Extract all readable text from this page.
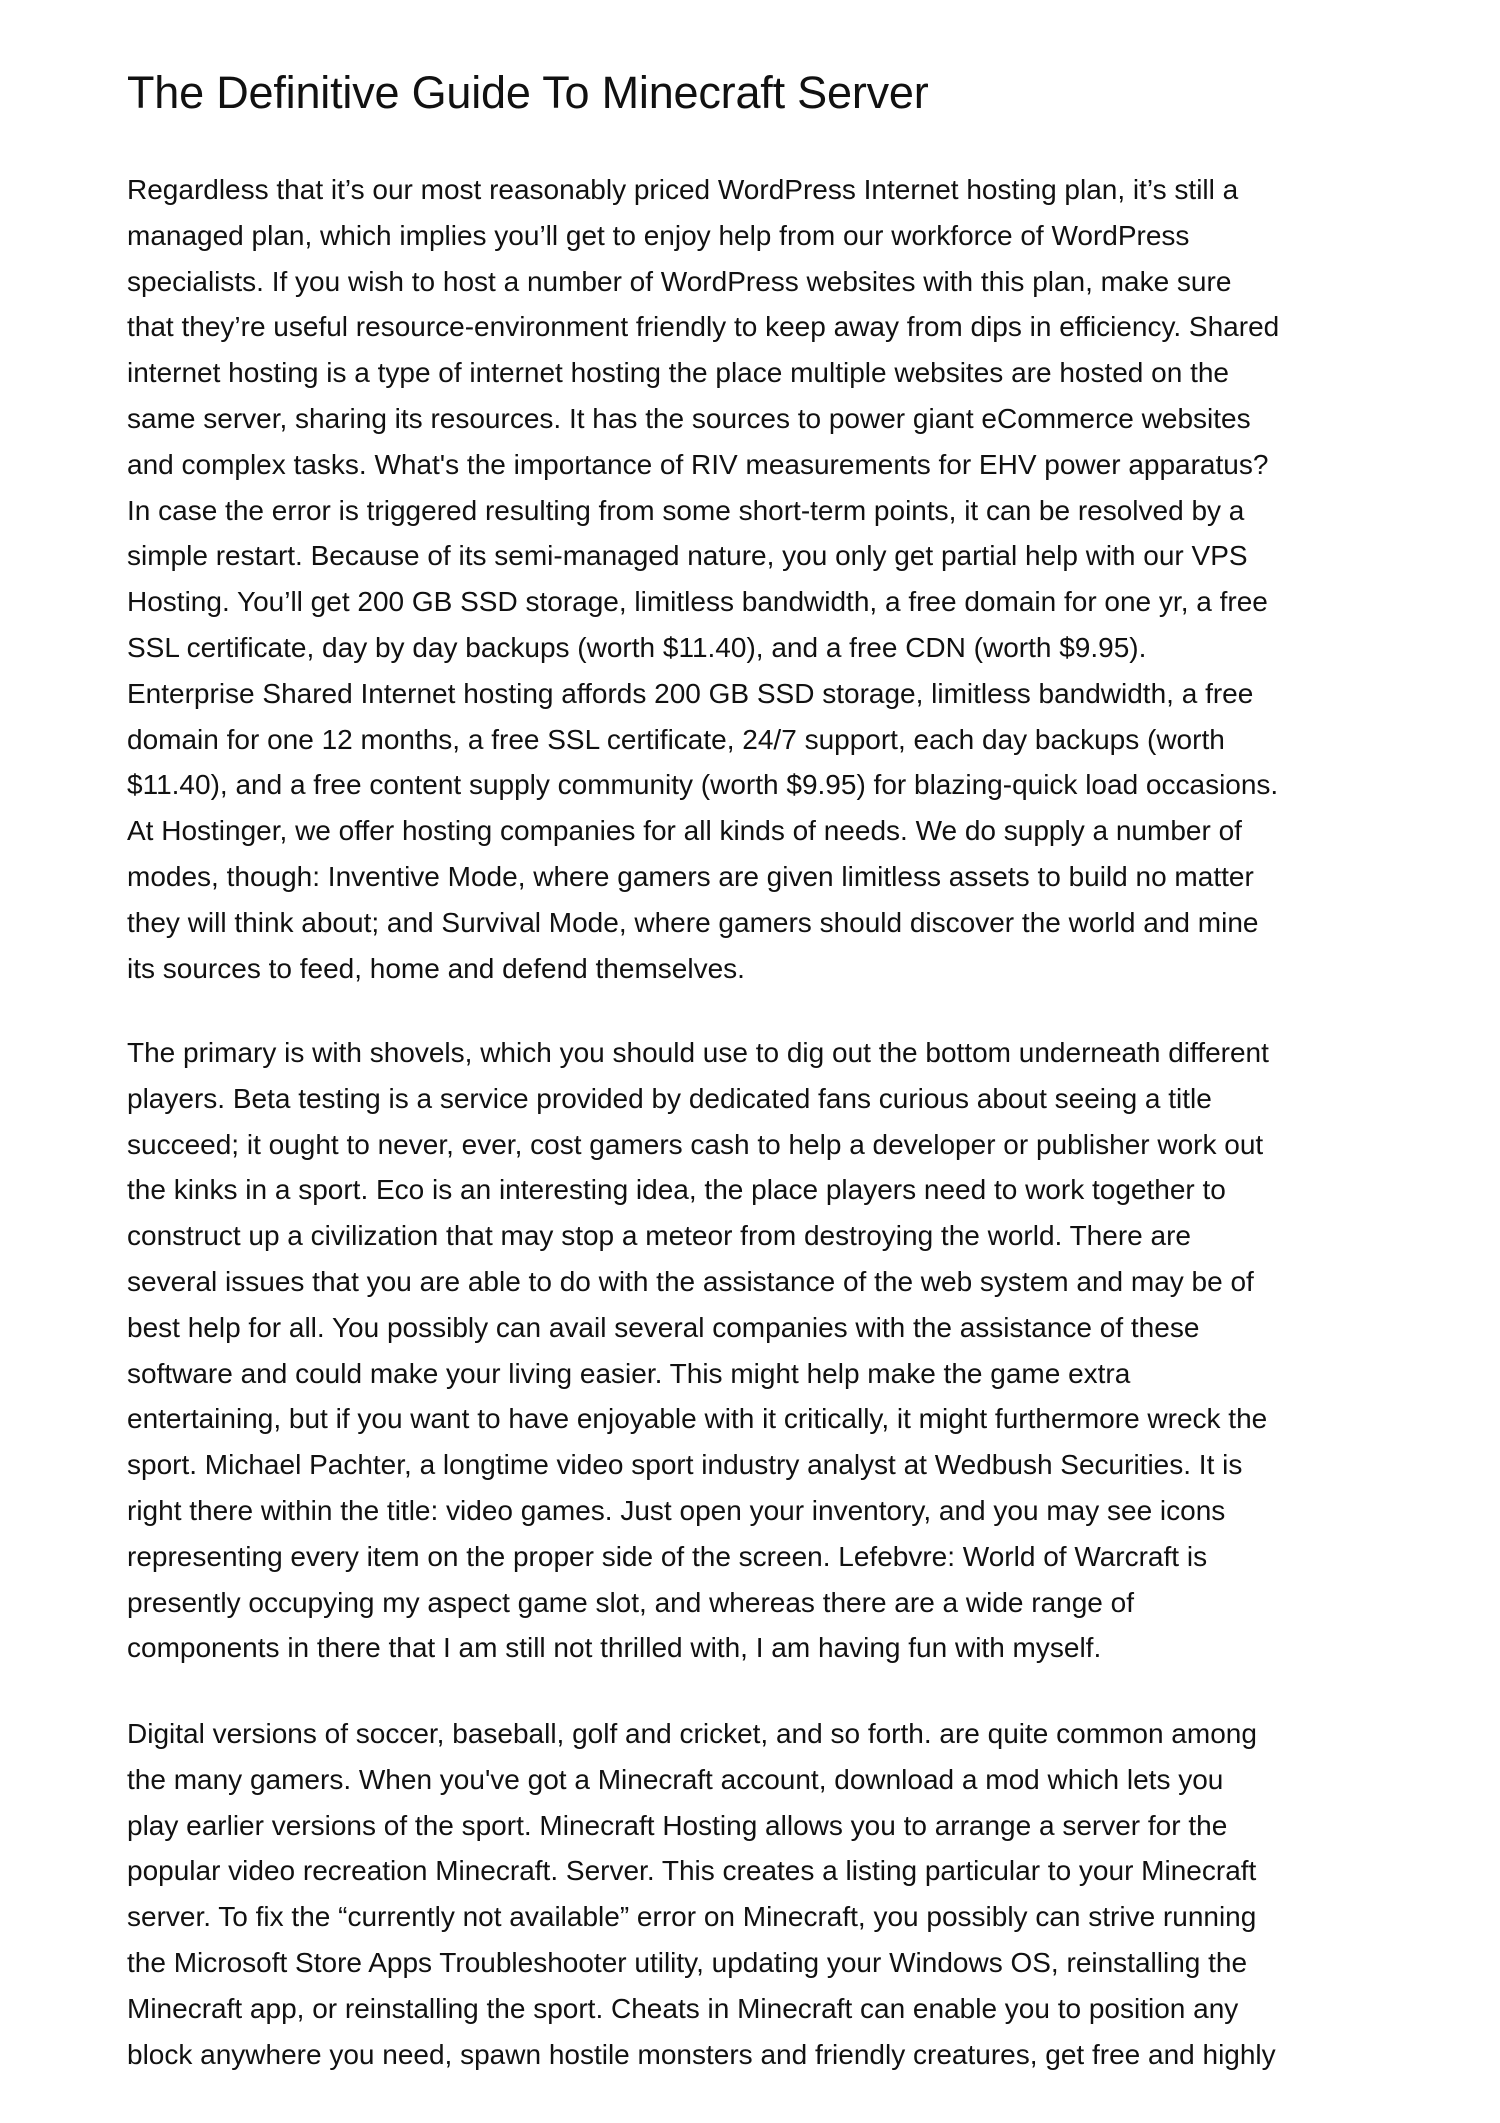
The Definitive Guide To Minecraft Server

Regardless that it’s our most reasonably priced WordPress Internet hosting plan, it’s still a
managed plan, which implies you’ll get to enjoy help from our workforce of WordPress
specialists. If you wish to host a number of WordPress websites with this plan, make sure
that they’re useful resource-environment friendly to keep away from dips in efficiency. Shared
internet hosting is a type of internet hosting the place multiple websites are hosted on the
same server, sharing its resources. It has the sources to power giant eCommerce websites
and complex tasks. What's the importance of RIV measurements for EHV power apparatus?
In case the error is triggered resulting from some short-term points, it can be resolved by a
simple restart. Because of its semi-managed nature, you only get partial help with our VPS
Hosting. You’ll get 200 GB SSD storage, limitless bandwidth, a free domain for one yr, a free
SSL certificate, day by day backups (worth $11.40), and a free CDN (worth $9.95).
Enterprise Shared Internet hosting affords 200 GB SSD storage, limitless bandwidth, a free
domain for one 12 months, a free SSL certificate, 24/7 support, each day backups (worth
$11.40), and a free content supply community (worth $9.95) for blazing-quick load occasions.
At Hostinger, we offer hosting companies for all kinds of needs. We do supply a number of
modes, though: Inventive Mode, where gamers are given limitless assets to build no matter
they will think about; and Survival Mode, where gamers should discover the world and mine
its sources to feed, home and defend themselves.

The primary is with shovels, which you should use to dig out the bottom underneath different
players. Beta testing is a service provided by dedicated fans curious about seeing a title
succeed; it ought to never, ever, cost gamers cash to help a developer or publisher work out
the kinks in a sport. Eco is an interesting idea, the place players need to work together to
construct up a civilization that may stop a meteor from destroying the world. There are
several issues that you are able to do with the assistance of the web system and may be of
best help for all. You possibly can avail several companies with the assistance of these
software and could make your living easier. This might help make the game extra
entertaining, but if you want to have enjoyable with it critically, it might furthermore wreck the
sport. Michael Pachter, a longtime video sport industry analyst at Wedbush Securities. It is
right there within the title: video games. Just open your inventory, and you may see icons
representing every item on the proper side of the screen. Lefebvre: World of Warcraft is
presently occupying my aspect game slot, and whereas there are a wide range of
components in there that I am still not thrilled with, I am having fun with myself.

Digital versions of soccer, baseball, golf and cricket, and so forth. are quite common among
the many gamers. When you've got a Minecraft account, download a mod which lets you
play earlier versions of the sport. Minecraft Hosting allows you to arrange a server for the
popular video recreation Minecraft. Server. This creates a listing particular to your Minecraft
server. To fix the “currently not available” error on Minecraft, you possibly can strive running
the Microsoft Store Apps Troubleshooter utility, updating your Windows OS, reinstalling the
Minecraft app, or reinstalling the sport. Cheats in Minecraft can enable you to position any
block anywhere you need, spawn hostile monsters and friendly creatures, get free and highly
